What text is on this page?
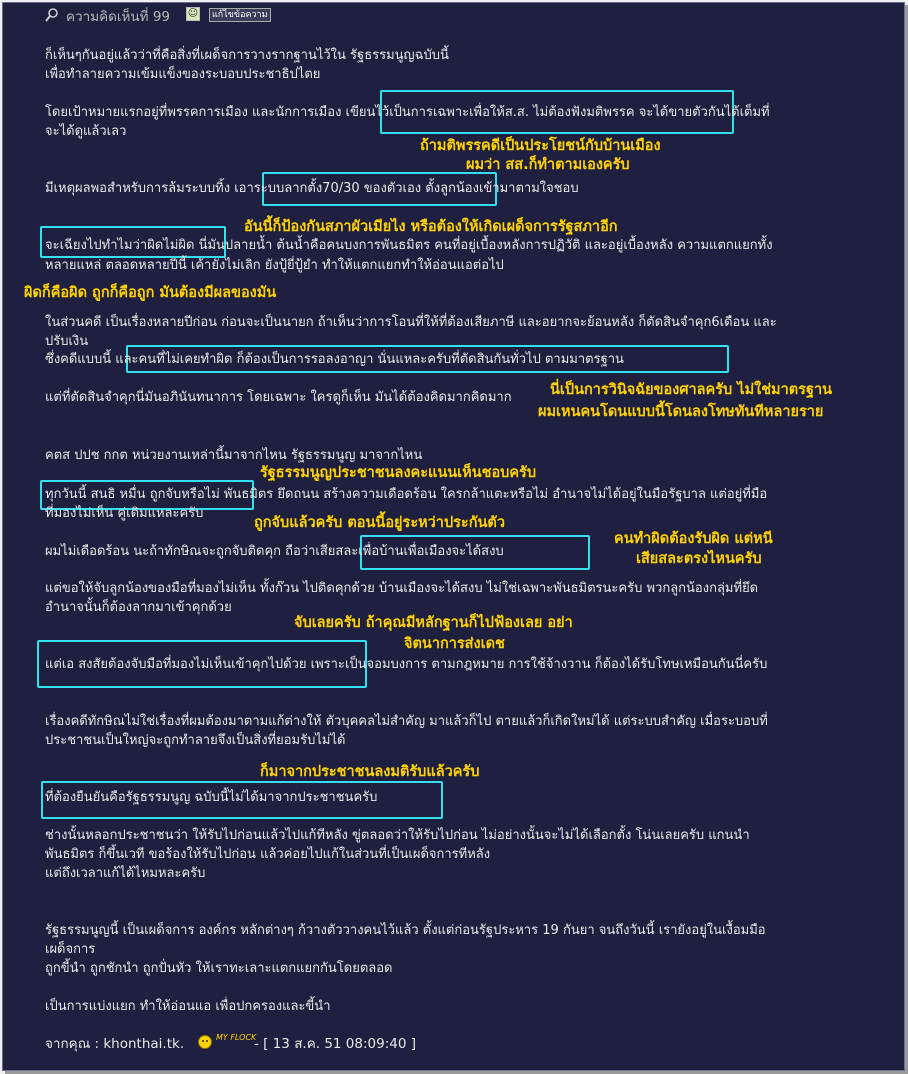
ความคิดเห็นที่ 99 ☺	แก้ไขข้อความ
ก็เห็นๆกันอยู่แล้วว่าที่คือสิ่งที่เผด็จการวางรากฐานไว้ใน รัฐธรรมนูญฉบับนี้
เพื่อทำลายความเข้มแข็งของระบอบประชาธิปไตย
โดยเป้าหมายแรกอยู่ที่พรรคการเมือง และนักการเมือง เขียนไว้เป็นการเฉพาะเพื่อให้ส.ส. ไม่ต้องฟังมติพรรค จะได้ขายตัวกันได้เต็มที่
จะได้ดูแล้วเลว
มีเหตุผลพอสำหรับการล้มระบบทิ้ง เอาระบบลากตั้ง70/30 ของตัวเอง ตั้งลูกน้องเข้ามาตามใจชอบ
จะเฉียงไปทำไมว่าผิดไม่ผิด นี่มันปลายน้ำ ต้นน้ำคือคนบงการพันธมิตร คนที่อยู่เบื้องหลังการปฏิวัติ และอยู่เบื้องหลัง ความแตกแยกทั้ง
หลายแหล่ ตลอดหลายปีนี้ เค้ายังไม่เลิก ยังปู้ยี่ปู้ยำ ทำให้แตกแยกทำให้อ่อนแอต่อไป
ในส่วนคดี เป็นเรื่องหลายปีก่อน ก่อนจะเป็นนายก ถ้าเห็นว่าการโอนที่ให้ที่ต้องเสียภาษี และอยากจะย้อนหลัง ก็ตัดสินจำคุก6เดือน และ
ปรับเงิน
ซึ่งคดีแบบนี้ และคนที่ไม่เคยทำผิด ก็ต้องเป็นการรอลงอาญา นั่นแหละครับที่ตัดสินกันทั่วไป ตามมาตรฐาน
แต่ที่ตัดสินจำคุกนี่มันอภินันทนาการ โดยเฉพาะ ใครดูก็เห็น มันได้ต้องคิดมากคิดมาก
คตส ปปช กกต หน่วยงานเหล่านี้มาจากไหน รัฐธรรมนูญ มาจากไหน
ทุกวันนี้ สนธิ หมื่น ถูกจับหรือไม่ พันธมิตร ยึดถนน สร้างความเดือดร้อน ใครกล้าแตะหรือไม่ อำนาจไม่ได้อยู่ในมือรัฐบาล แต่อยู่ที่มือ
ที่มองไม่เห็น คู่เดิมแหละครับ
ผมไม่เดือดร้อน นะถ้าทักษิณจะถูกจับติดคุก ถือว่าเสียสละเพื่อบ้านเพื่อเมืองจะได้สงบ
แต่ขอให้จับลูกน้องของมือที่มองไม่เห็น ทั้งก๊วน ไปติดคุกด้วย บ้านเมืองจะได้สงบ ไม่ใช่เฉพาะพันธมิตรนะครับ พวกลูกน้องกลุ่มที่ยึด
อำนาจนั้นก็ต้องลากมาเข้าคุกด้วย
แต่เอ สงสัยต้องจับมือที่มองไม่เห็นเข้าคุกไปด้วย เพราะเป็นจอมบงการ ตามกฎหมาย การใช้จ้างวาน ก็ต้องได้รับโทษเหมือนกันนี่ครับ
เรื่องคดีทักษิณไม่ใช่เรื่องที่ผมต้องมาตามแก้ต่างให้ ตัวบุคคลไม่สำคัญ มาแล้วก็ไป ตายแล้วก็เกิดใหม่ได้ แต่ระบบสำคัญ เมื่อระบอบที่
ประชาชนเป็นใหญ่จะถูกทำลายจึงเป็นสิ่งที่ยอมรับไม่ได้
ที่ต้องยืนยันคือรัฐธรรมนูญ ฉบับนี้ไม่ได้มาจากประชาชนครับ
ช่างนั้นหลอกประชาชนว่า ให้รับไปก่อนแล้วไปแก้ทีหลัง ขู่ตลอดว่าให้รับไปก่อน ไม่อย่างนั้นจะไม่ได้เลือกตั้ง โน่นเลยครับ แกนนำ
พันธมิตร ก็ขึ้นเวที ขอร้องให้รับไปก่อน แล้วค่อยไปแก้ในส่วนที่เป็นเผด็จการทีหลัง
แต่ถึงเวลาแก้ได้ไหมหละครับ
รัฐธรรมนูญนี้ เป็นเผด็จการ องค์กร หลักต่างๆ ก้วางตัววางคนไว้แล้ว ตั้งแต่ก่อนรัฐประหาร 19 กันยา จนถึงวันนี้ เรายังอยู่ในเงื้อมมือ
เผด็จการ
ถูกขี้นำ ถูกชักนำ ถูกปั่นหัว ให้เราทะเลาะแตกแยกกันโดยตลอด
เป็นการแบ่งแยก ทำให้อ่อนแอ เพื่อปกครองและขี้นำ
ถ้ามติพรรคดีเป็นประโยชน์กับบ้านเมือง
ผมว่า สส.ก็ทำตามเองครับ
อันนี้ก็ป้องกันสภาผัวเมียไง หรือต้องให้เกิดเผด็จการรัฐสภาอีก
ผิดก็คือผิด ถูกก็คือถูก มันต้องมีผลของมัน
นี่เป็นการวินิจฉัยของศาลครับ ไม่ใช่มาตรฐาน
ผมเหนคนโดนแบบนี้โดนลงโทษทันทีหลายราย
รัฐธรรมนูญประชาชนลงคะแนนเห็นชอบครับ
ถูกจับแล้วครับ ตอนนี้อยู่ระหว่าประกันตัว
คนทำผิดต้องรับผิด แต่หนี
เสียสละตรงไหนครับ
จับเลยครับ ถ้าคุณมีหลักฐานก็ไปฟ้องเลย อย่า
จิตนาการส่งเดช
ก็มาจากประชาชนลงมติรับแล้วครับ
จากคุณ : khonthai.tk.	MY FLOCK
- [ 13 ส.ค. 51 08:09:40 ]
